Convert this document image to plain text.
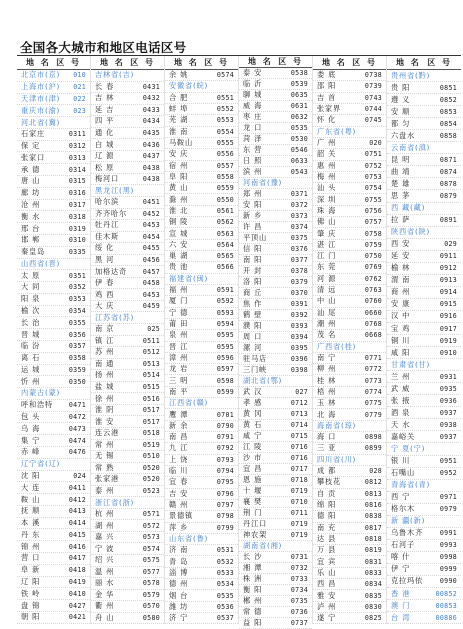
全国各大城市和地区电话区号
地 名 区 号
北京市(京) 010
上海市(沪) 021
天津市(津) 022
重庆市(渝) 023
河北省(冀)
石家庄	0311
保 定	0312
张家口	0313
承 德	0314
唐 山	0315
廊 坊	0316
沧 州	0317
衡 水	0318
邢 台	0319
邯 郸	0310
秦皇岛	0335
山西省(晋)
太 原	0351
大 同	0352
阳 泉	0353
榆 次	0354
长 治	0355
晋 城	0356
临 汾	0357
离 石	0358
运 城	0359
忻 州	0350
内蒙古(蒙)
呼和浩特 0471
包 头	0472
乌 海	0473
集 宁	0474
赤 峰	0476
辽宁省(辽)
沈 阳	024
大 连	0411
鞍 山	0412
抚 顺	0413
本 溪	0414
丹 东	0415
锦 州	0416
营 口	0417
阜 新	0418
辽 阳	0419
铁 岭	0410
盘 锦	0427
朝 阳	0421
地 名 区 号
吉林省(吉)
长 春	0431
吉 林	0432
延 吉	0433
四 平	0434
通 化	0435
白 城	0436
辽 源	0437
松 原	0438
梅河口	0438
黑龙江(黑)
哈尔滨	0451
齐齐哈尔 0452
牡丹江	0453
佳木斯	0454
绥 化	0455
黑 河	0456
加格达奇 0457
伊 春	0458
鸡 西	0453
大 庆	0459
江苏省(苏)
南 京	025
镇 江	0511
苏 州	0512
南 通	0513
扬 州	0514
盐 城	0515
徐 州	0516
淮 阴	0517
淮 安	0517
连云港	0518
常 州	0519
无 锡	0510
常 熟	0520
张家港	0520
泰 州	0523
浙江省(浙)
杭 州	0571
湖 州	0572
嘉 兴	0573
宁 波	0574
绍 兴	0575
温 州	0577
丽 水	0578
金 华	0579
衢 州	0570
舟 山	0580
地 名 区 号
余 姚	0574
安徽省(皖)
合 肥	0551
蚌 埠	0552
芜 湖	0553
淮 南	0554
马鞍山	0555
安 庆	0556
宿 州	0557
阜 阳	0558
黄 山	0559
滁 州	0550
淮 北	0561
铜 陵	0562
宣 城	0563
六 安	0564
巢 湖	0565
贵 池	0566
福建省(闽)
福 州	0591
厦 门	0592
宁 德	0593
莆 田	0594
泉 州	0595
晋 江	0595
漳 州	0596
龙 岩	0597
三 明	0598
南 平	0599
江西省(赣)
鹰 潭	0701
新 余	0790
南 昌	0791
九 江	0792
上 饶	0793
临 川	0794
宜 春	0795
吉 安	0796
赣 州	0797
景德镇	0798
萍 乡	0799
山东省(鲁)
济 南	0531
青 岛	0532
淄 博	0533
德 州	0534
烟 台	0535
潍 坊	0536
济 宁	0537
地 名 区 号
泰 安	0538
临 沂	0539
聊 城	0635
威 海	0631
枣 庄	0632
龙 口	0535
菏 泽	0530
东 营	0546
日 照	0633
滨 州	0543
河南省(豫)
郑 州	0371
安 阳	0372
新 乡	0373
许 昌	0374
平顶山	0375
信 阳	0376
南 阳	0377
开 封	0378
洛 阳	0379
商 丘	0370
焦 作	0391
鹤 壁	0392
濮 阳	0393
周 口	0394
漯 河	0395
驻马店	0396
三门峡	0398
湖北省(鄂)
武 汉	027
孝 感	0712
黄 冈	0713
黄 石	0714
咸 宁	0715
江 陵	0716
沙 市	0716
宜 昌	0717
恩 施	0718
十 堰	0719
襄 樊	0710
荆 门	0711
丹江口	0719
神农架	0719
湖南省(湘)
长 沙	0731
湘 潭	0732
株 洲	0733
衡 阳	0734
郴 州	0735
常 德	0736
益 阳	0737
地 名 区 号
娄 底	0738
邵 阳	0739
吉 首	0743
张家界	0744
怀 化	0745
广东省(粤)
广 州	020
韶 关	0751
惠 州	0752
梅 州	0753
汕 头	0754
深 圳	0755
珠 海	0756
佛 山	0757
肇 庆	0758
湛 江	0759
江 门	0750
东 莞	0769
河 源	0762
清 远	0763
中 山	0760
汕 尾	0660
潮 州	0768
茂 名	0668
广西省(桂)
南 宁	0771
柳 州	0772
桂 林	0773
梧 州	0774
玉 林	0775
北 海	0779
海南省(琼)
海 口	0898
三 亚	0899
四川省(川)
成 都	028
攀枝花	0812
自 贡	0813
绵 阳	0816
德 阳	0838
南 充	0817
达 县	0818
万 县	0819
宜 宾	0831
乐 山	0833
西 昌	0834
雅 安	0835
泸 州	0830
遂 宁	0825
地 名 区 号
贵州省(黔)
贵 阳	0851
遵 义	0852
安 顺	0853
都 匀	0854
六盘水	0858
云南省(滇)
昆 明	0871
曲 靖	0874
楚 雄	0878
思 茅	0879
西 藏(藏)
拉 萨	0891
陕西省(陕)
西 安	029
延 安	0911
榆 林	0912
渭 南	0913
商 州	0914
安 康	0915
汉 中	0916
宝 鸡	0917
铜 川	0919
咸 阳	0910
甘肃省(甘)
兰 州	0931
武 威	0935
张 掖	0936
酒 泉	0937
天 水	0938
嘉峪关	0937
宁 夏(宁)
银 川	0951
石嘴山	0952
青海省(青)
西 宁	0971
格尔木	0979
新 疆(新)
乌鲁木齐	0991
石河子	0993
喀 什	0998
伊 宁	0999
克拉玛依	0990
香 港	00852
澳 门	00853
台 湾	00886
